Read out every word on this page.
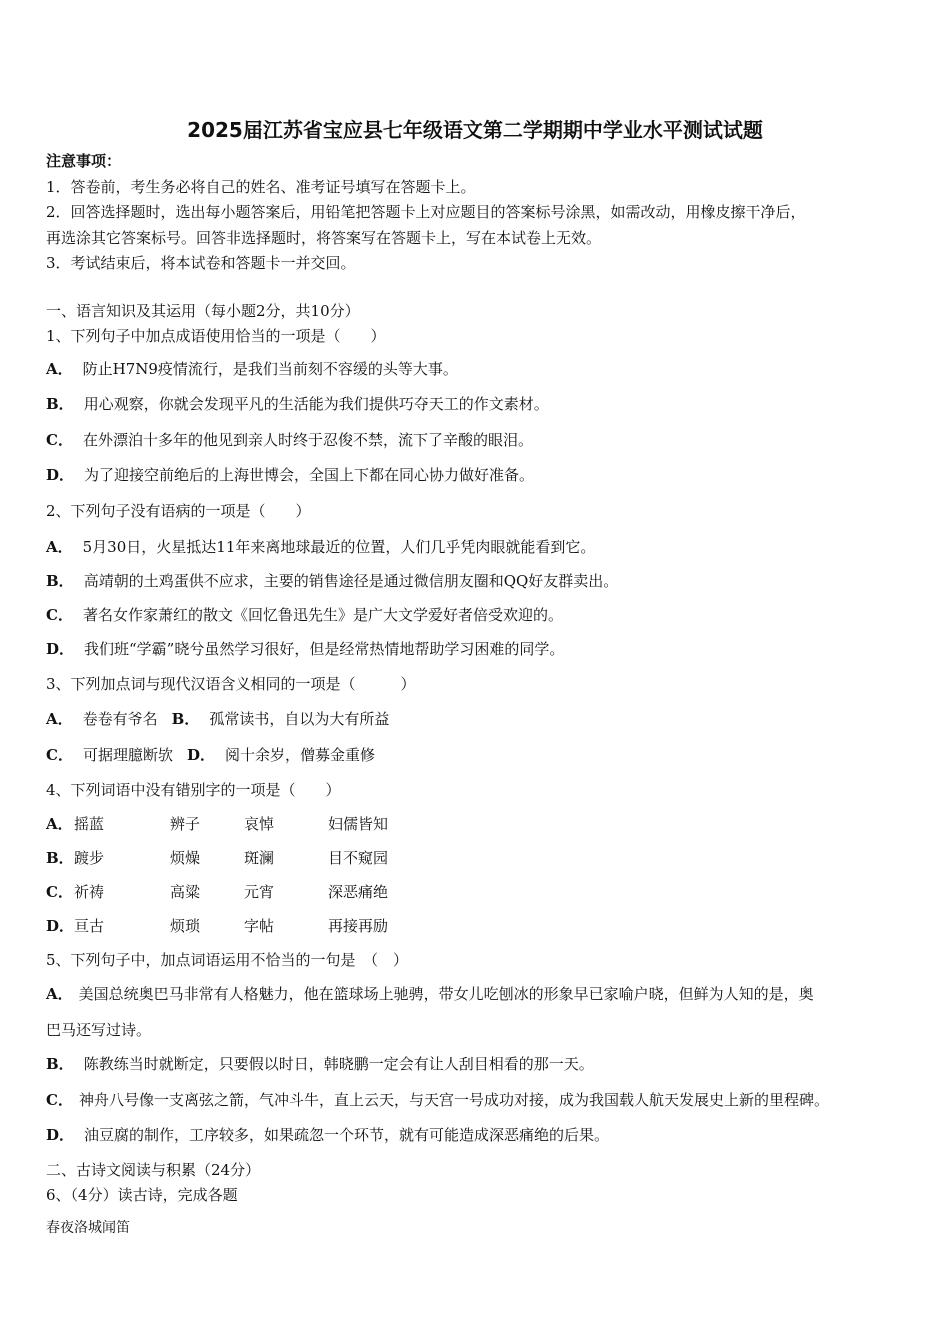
2025届江苏省宝应县七年级语文第二学期期中学业水平测试试题
注意事项：
1．答卷前，考生务必将自己的姓名、准考证号填写在答题卡上。
2．回答选择题时，选出每小题答案后，用铅笔把答题卡上对应题目的答案标号涂黑，如需改动，用橡皮擦干净后，
再选涂其它答案标号。回答非选择题时，将答案写在答题卡上，写在本试卷上无效。
3．考试结束后，将本试卷和答题卡一并交回。
一、语言知识及其运用（每小题2分，共10分）
1、下列句子中加点成语使用恰当的一项是（　　）
A． 防止H7N9疫情流行，是我们当前刻不容缓的头等大事。
B． 用心观察，你就会发现平凡的生活能为我们提供巧夺天工的作文素材。
C． 在外漂泊十多年的他见到亲人时终于忍俊不禁，流下了辛酸的眼泪。
D． 为了迎接空前绝后的上海世博会，全国上下都在同心协力做好准备。
2、下列句子没有语病的一项是（　　）
A． 5月30日，火星抵达11年来离地球最近的位置，人们几乎凭肉眼就能看到它。
B． 高靖朝的土鸡蛋供不应求，主要的销售途径是通过微信朋友圈和QQ好友群卖出。
C． 著名女作家萧红的散文《回忆鲁迅先生》是广大文学爱好者倍受欢迎的。
D． 我们班“学霸”晓兮虽然学习很好，但是经常热情地帮助学习困难的同学。
3、下列加点词与现代汉语含义相同的一项是（　　　）
A． 卷卷有爷名 B． 孤常读书，自以为大有所益
C． 可据理臆断欤 D． 阅十余岁，僧募金重修
4、下列词语中没有错别字的一项是（　　）
A．摇蓝	辨子	哀悼	妇儒皆知
B．踱步	烦燥	斑澜	目不窥园
C．祈祷	高粱	元宵	深恶痛绝
D．亘古	烦琐	字帖	再接再励
5、下列句子中，加点词语运用不恰当的一句是　（　）
A． 美国总统奥巴马非常有人格魅力，他在篮球场上驰骋，带女儿吃刨冰的形象早已家喻户晓，但鲜为人知的是，奥
巴马还写过诗。
B． 陈教练当时就断定，只要假以时日，韩晓鹏一定会有让人刮目相看的那一天。
C． 神舟八号像一支离弦之箭，气冲斗牛，直上云天，与天宫一号成功对接，成为我国载人航天发展史上新的里程碑。
D． 油豆腐的制作，工序较多，如果疏忽一个环节，就有可能造成深恶痛绝的后果。
二、古诗文阅读与积累（24分）
6、（4分）读古诗，完成各题
春夜洛城闻笛
